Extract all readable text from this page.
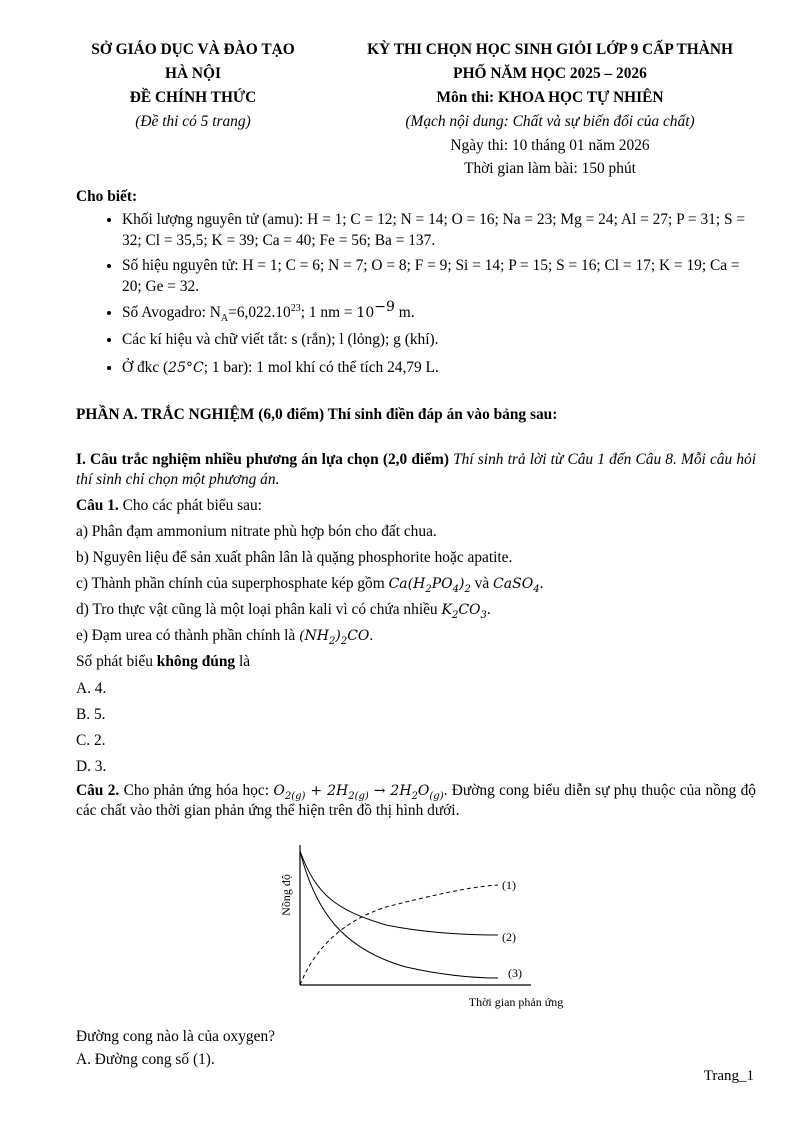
SỞ GIÁO DỤC VÀ ĐÀO TẠO
HÀ NỘI
ĐỀ CHÍNH THỨC
(Đề thi có 5 trang)
KỲ THI CHỌN HỌC SINH GIỎI LỚP 9 CẤP THÀNH
PHỐ NĂM HỌC 2025 – 2026
Môn thi: KHOA HỌC TỰ NHIÊN
(Mạch nội dung: Chất và sự biến đổi của chất)
Ngày thi: 10 tháng 01 năm 2026
Thời gian làm bài: 150 phút
Cho biết:
• Khối lượng nguyên tử (amu): H = 1; C = 12; N = 14; O = 16; Na = 23; Mg = 24; Al = 27; P = 31; S = 32; Cl = 35,5; K = 39; Ca = 40; Fe = 56; Ba = 137.
• Số hiệu nguyên tử: H = 1; C = 6; N = 7; O = 8; F = 9; Si = 14; P = 15; S = 16; Cl = 17; K = 19; Ca = 20; Ge = 32.
• Số Avogadro: $N_A=6,022.10^{23}$; 1 nm = $10^{-9}$ m.
• Các kí hiệu và chữ viết tắt: s (rắn); l (lỏng); g (khí).
• Ở đkc (25°C; 1 bar): 1 mol khí có thể tích 24,79 L.
PHẦN A. TRẮC NGHIỆM (6,0 điểm) Thí sinh điền đáp án vào bảng sau:
I. Câu trắc nghiệm nhiều phương án lựa chọn (2,0 điểm) Thí sinh trả lời từ Câu 1 đến Câu 8. Mỗi câu hỏi thí sinh chỉ chọn một phương án.

Câu 1. Cho các phát biểu sau:

a) Phân đạm ammonium nitrate phù hợp bón cho đất chua.

b) Nguyên liệu để sản xuất phân lân là quặng phosphorite hoặc apatite.

c) Thành phần chính của superphosphate kép gồm $Ca(H_2PO_4)_2$ và CaSO$_4$.

d) Tro thực vật cũng là một loại phân kali vì có chứa nhiều $K_2CO_3$.

e) Đạm urea có thành phần chính là $(NH_2)_2CO$.

Số phát biểu không đúng là

A. 4.

B. 5.

C. 2.

D. 3.

Câu 2. Cho phản ứng hóa học: $O_{2(g)} + 2H_{2(g)} \to 2H_2O_{(g)}$. Đường cong biểu diễn sự phụ thuộc của nồng độ các chất vào thời gian phản ứng thể hiện trên đồ thị hình dưới.

Nồng độ
Thời gian phản ứng
(1)
(2)
(3)

Đường cong nào là của oxygen?

A. Đường cong số (1).

Trang_1
